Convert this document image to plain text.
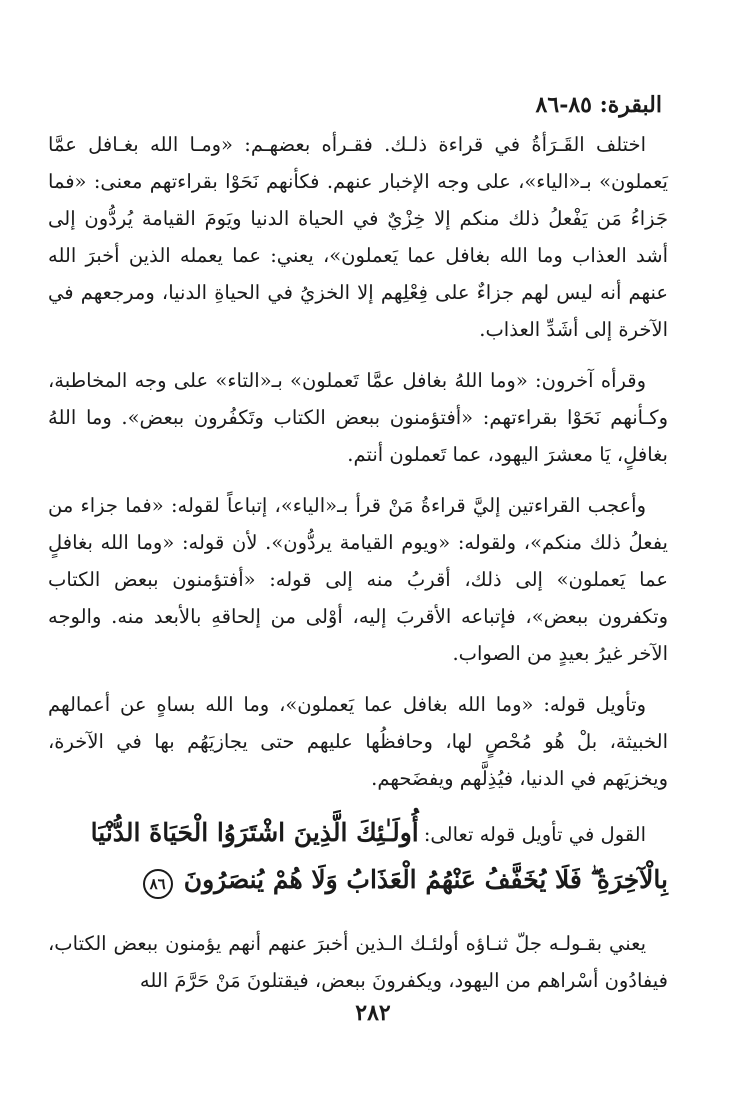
البقرة: ٨٥-٨٦

اختلف القَـرَأةُ في قراءة ذلـك. فقـرأه بعضهـم: «ومـا الله بغـافل عمَّا يَعملون» بـ«الياء»، على وجه الإخبار عنهم. فكأنهم نَحَوْا بقراءتهم معنى: «فما جَزاءُ مَن يَفْعلُ ذلك منكم إلا خِزْيٌ في الحياة الدنيا ويَومَ القيامة يُردُّون إلى أشد العذاب وما الله بغافل عما يَعملون»، يعني: عما يعمله الذين أخبرَ الله عنهم أنه ليس لهم جزاءٌ على فِعْلِهم إلا الخزيُ في الحياةِ الدنيا، ومرجعهم في الآخرة إلى أشَدِّ العذاب.

وقرأه آخرون: «وما اللهُ بغافل عمَّا تَعملون» بـ«التاء» على وجه المخاطبة، وكـأنهم نَحَوْا بقراءتهم: «أفتؤمنون ببعض الكتاب وتَكفُرون ببعض». وما اللهُ بغافلٍ، يَا معشرَ اليهود، عما تَعملون أنتم.

وأعجب القراءتين إليَّ قراءةُ مَنْ قرأ بـ«الياء»، إتباعاً لقوله: «فما جزاء من يفعلُ ذلك منكم»، ولقوله: «ويوم القيامة يردُّون». لأن قوله: «وما الله بغافلٍ عما يَعملون» إلى ذلك، أقربُ منه إلى قوله: «أفتؤمنون ببعض الكتاب وتكفرون ببعض»، فإتباعه الأقربَ إليه، أوْلى من إلحاقهِ بالأبعد منه. والوجه الآخر غيرُ بعيدٍ من الصواب.

وتأويل قوله: «وما الله بغافل عما يَعملون»، وما الله بساهٍ عن أعمالهم الخبيثة، بلْ هُو مُحْصٍ لها، وحافظُها عليهم حتى يجازيَهُم بها في الآخرة، ويخزيَهم في الدنيا، فيُذِلَّهم ويفضَحهم.

القول في تأويل قوله تعالى: أُولَـٰئِكَ الَّذِينَ اشْتَرَوُا الْحَيَاةَ الدُّنْيَا بِالْآخِرَةِ ۖ فَلَا يُخَفَّفُ عَنْهُمُ الْعَذَابُ وَلَا هُمْ يُنصَرُونَ ٨٦

يعني بقـولـه جلّ ثنـاؤه أولئـك الـذين أخبرَ عنهم أنهم يؤمنون ببعض الكتاب، فيفادُون أسْراهم من اليهود، ويكفرونَ ببعض، فيقتلونَ مَنْ حَرَّمَ الله

٢٨٢
